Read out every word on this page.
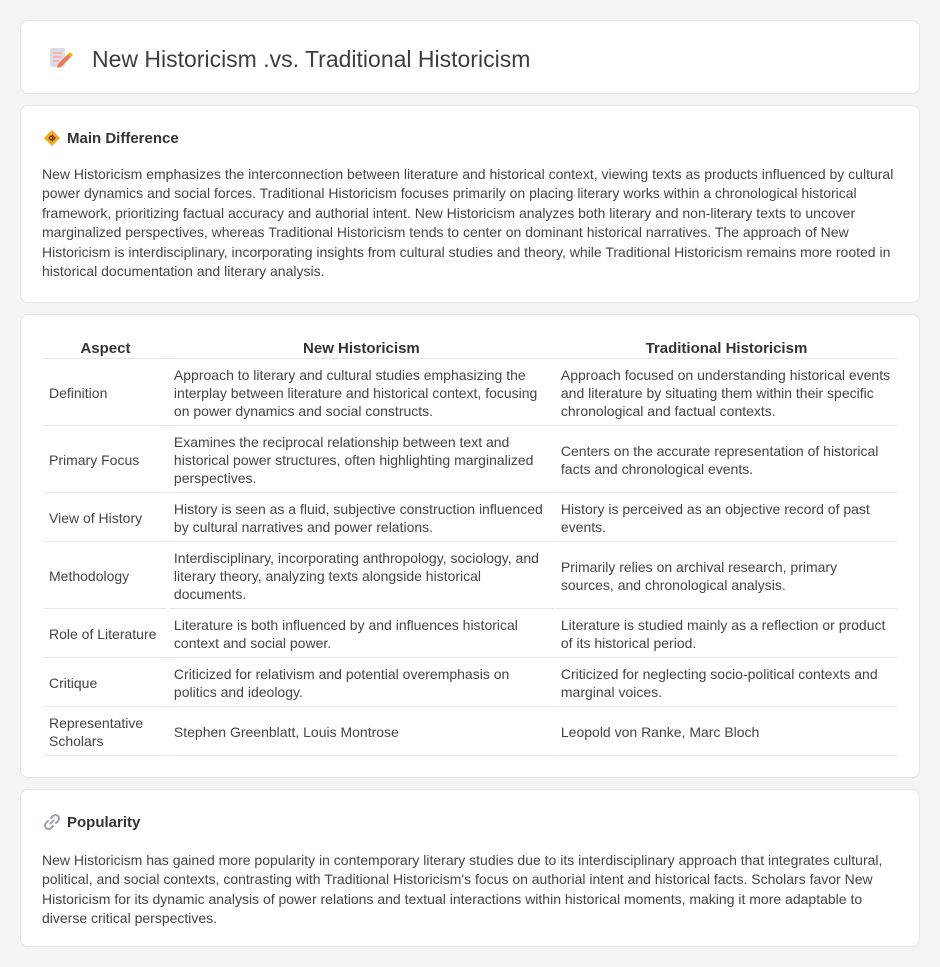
New Historicism .vs. Traditional Historicism
Main Difference

New Historicism emphasizes the interconnection between literature and historical context, viewing texts as products influenced by cultural power dynamics and social forces. Traditional Historicism focuses primarily on placing literary works within a chronological historical framework, prioritizing factual accuracy and authorial intent. New Historicism analyzes both literary and non-literary texts to uncover marginalized perspectives, whereas Traditional Historicism tends to center on dominant historical narratives. The approach of New Historicism is interdisciplinary, incorporating insights from cultural studies and theory, while Traditional Historicism remains more rooted in historical documentation and literary analysis.

Aspect	New Historicism	Traditional Historicism
Definition	Approach to literary and cultural studies emphasizing the interplay between literature and historical context, focusing on power dynamics and social constructs.	Approach focused on understanding historical events and literature by situating them within their specific chronological and factual contexts.
Primary Focus	Examines the reciprocal relationship between text and historical power structures, often highlighting marginalized perspectives.	Centers on the accurate representation of historical facts and chronological events.
View of History	History is seen as a fluid, subjective construction influenced by cultural narratives and power relations.	History is perceived as an objective record of past events.
Methodology	Interdisciplinary, incorporating anthropology, sociology, and literary theory, analyzing texts alongside historical documents.	Primarily relies on archival research, primary sources, and chronological analysis.
Role of Literature	Literature is both influenced by and influences historical context and social power.	Literature is studied mainly as a reflection or product of its historical period.
Critique	Criticized for relativism and potential overemphasis on politics and ideology.	Criticized for neglecting socio-political contexts and marginal voices.
Representative Scholars	Stephen Greenblatt, Louis Montrose	Leopold von Ranke, Marc Bloch
Popularity

New Historicism has gained more popularity in contemporary literary studies due to its interdisciplinary approach that integrates cultural, political, and social contexts, contrasting with Traditional Historicism's focus on authorial intent and historical facts. Scholars favor New Historicism for its dynamic analysis of power relations and textual interactions within historical moments, making it more adaptable to diverse critical perspectives.
